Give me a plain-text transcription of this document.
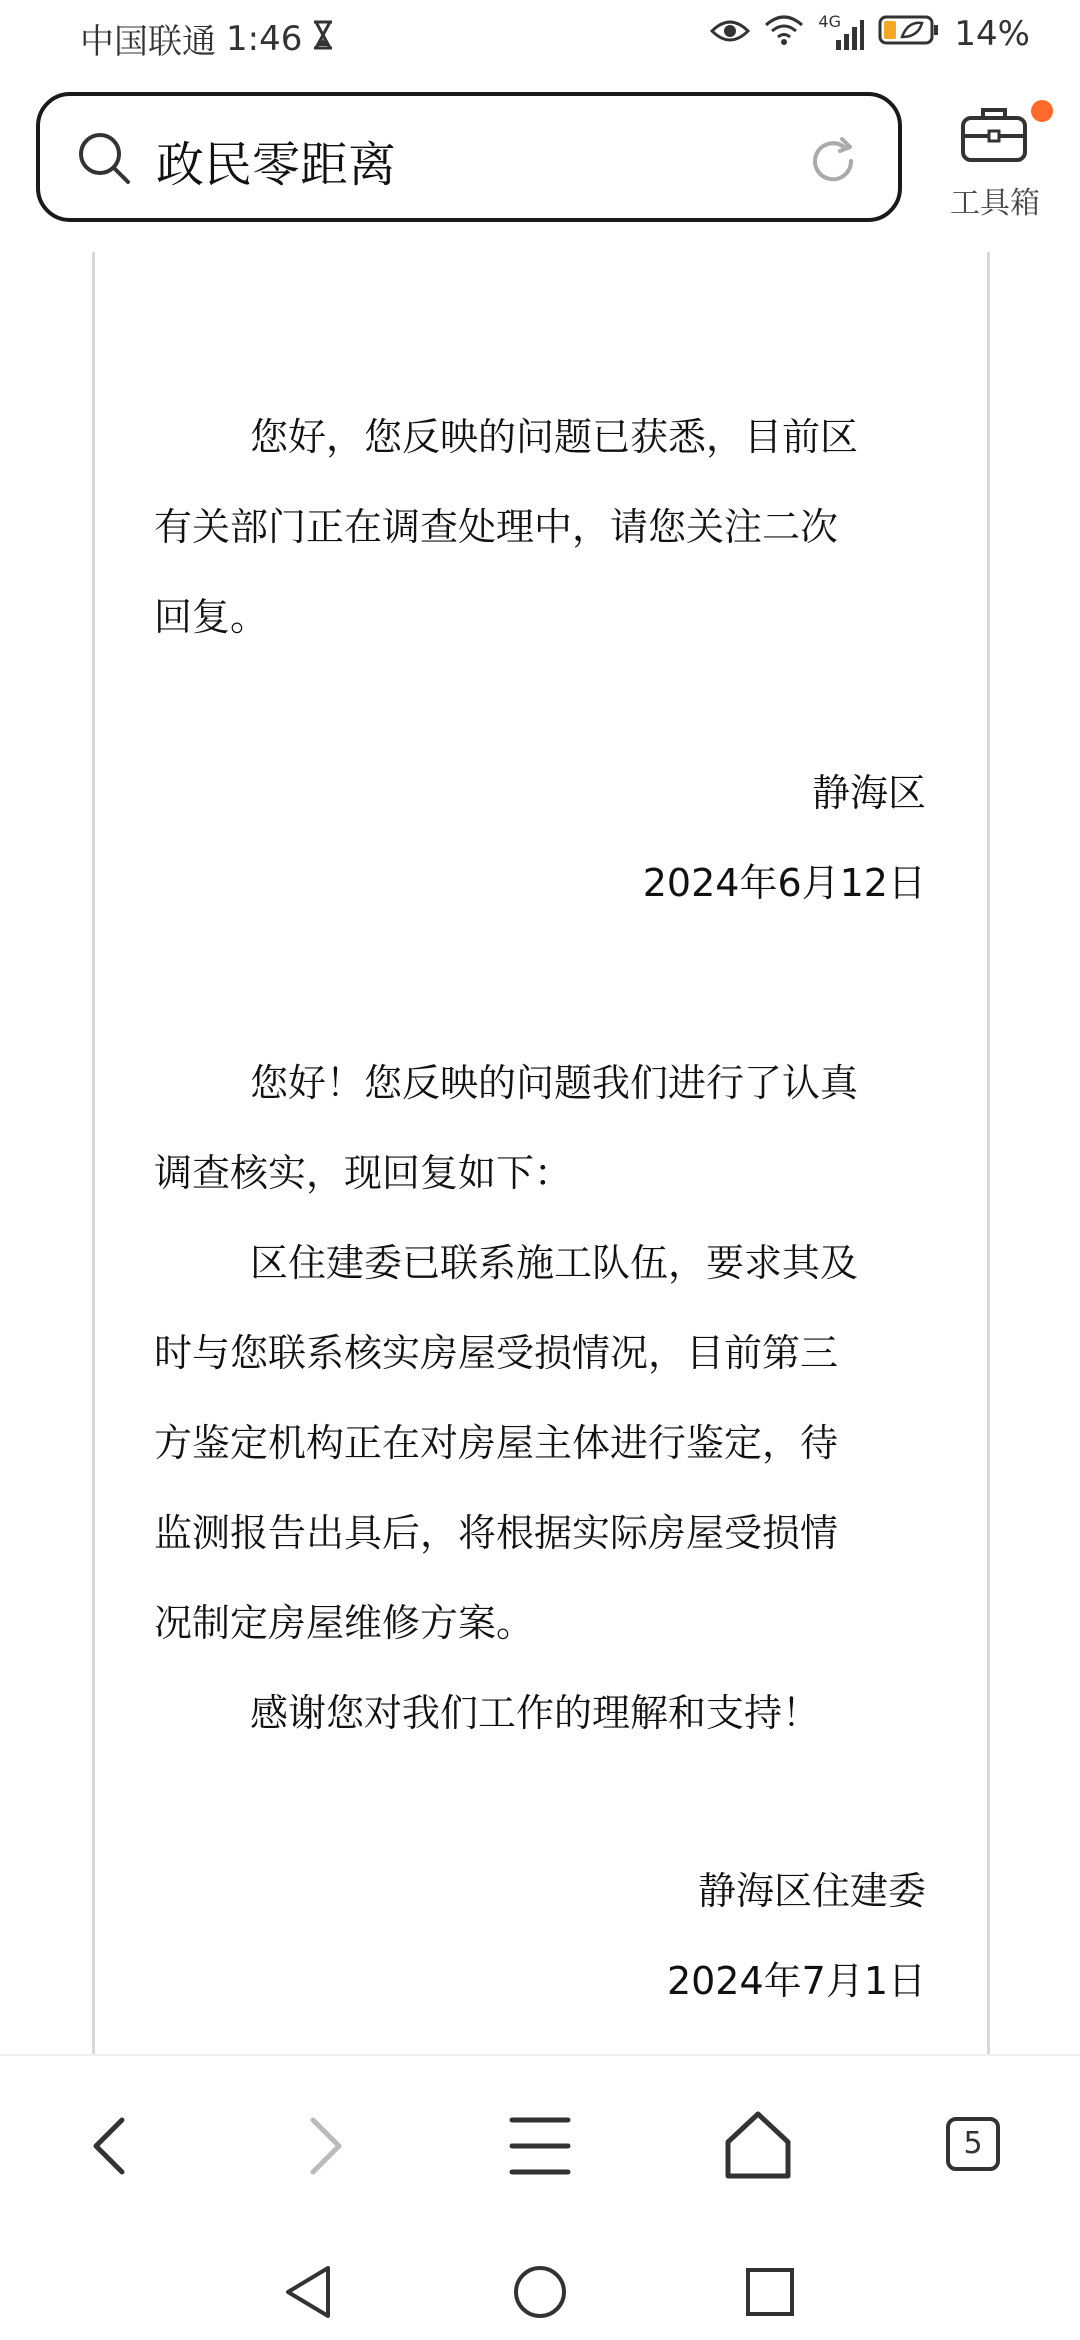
中国联通 1:46	4G	14%
政民零距离
工具箱
您好，您反映的问题已获悉，目前区
有关部门正在调查处理中，请您关注二次
回复。
静海区
2024年6月12日
您好！您反映的问题我们进行了认真
调查核实，现回复如下：
区住建委已联系施工队伍，要求其及
时与您联系核实房屋受损情况，目前第三
方鉴定机构正在对房屋主体进行鉴定，待
监测报告出具后，将根据实际房屋受损情
况制定房屋维修方案。
感谢您对我们工作的理解和支持！
静海区住建委
2024年7月1日
5
